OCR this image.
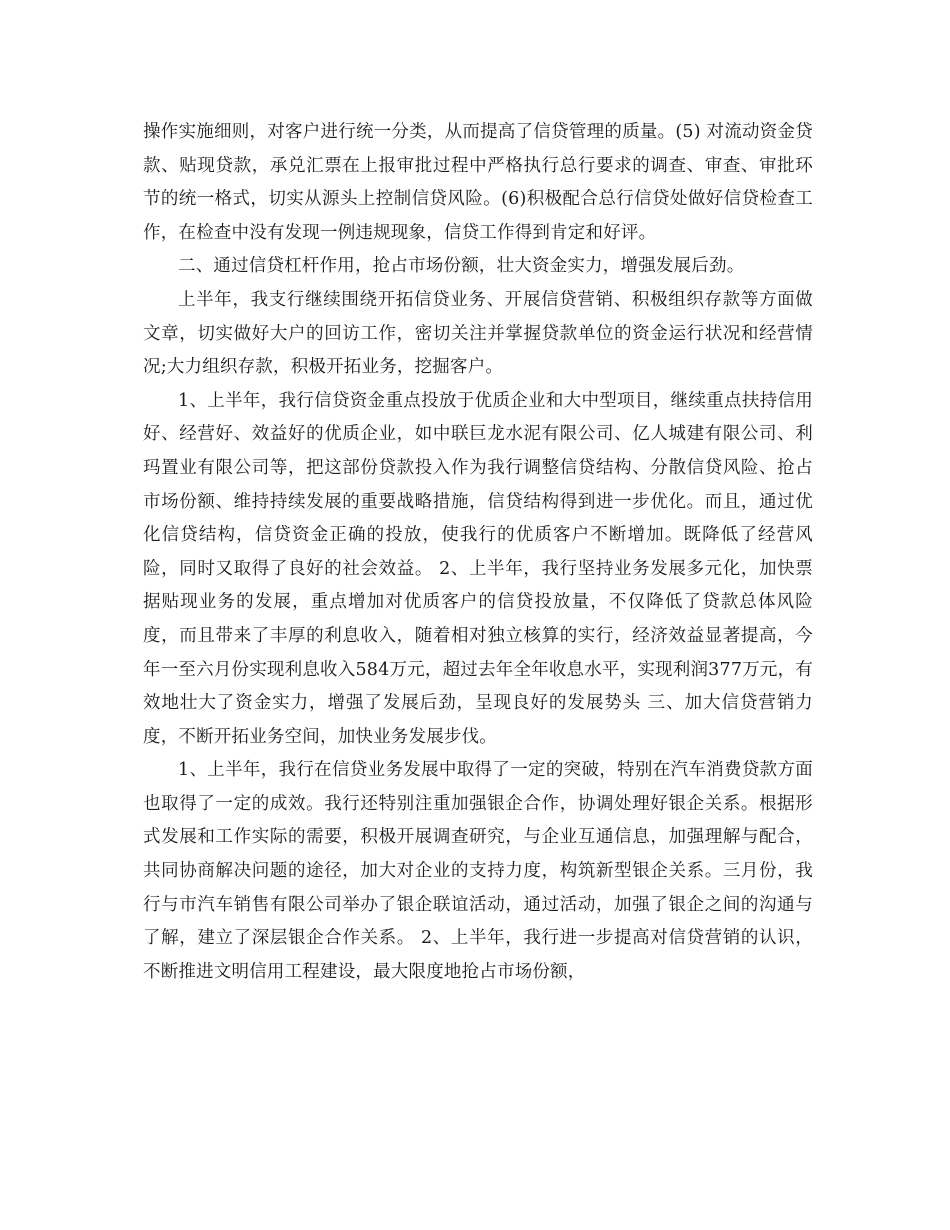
操作实施细则，对客户进行统一分类，从而提高了信贷管理的质量。(5) 对流动资金贷款、贴现贷款，承兑汇票在上报审批过程中严格执行总行要求的调查、审查、审批环节的统一格式，切实从源头上控制信贷风险。(6)积极配合总行信贷处做好信贷检查工作，在检查中没有发现一例违规现象，信贷工作得到肯定和好评。

二、通过信贷杠杆作用，抢占市场份额，壮大资金实力，增强发展后劲。

上半年，我支行继续围绕开拓信贷业务、开展信贷营销、积极组织存款等方面做文章，切实做好大户的回访工作，密切关注并掌握贷款单位的资金运行状况和经营情况;大力组织存款，积极开拓业务，挖掘客户。

1、上半年，我行信贷资金重点投放于优质企业和大中型项目，继续重点扶持信用好、经营好、效益好的优质企业，如中联巨龙水泥有限公司、亿人城建有限公司、利玛置业有限公司等，把这部份贷款投入作为我行调整信贷结构、分散信贷风险、抢占市场份额、维持持续发展的重要战略措施，信贷结构得到进一步优化。而且，通过优化信贷结构，信贷资金正确的投放，使我行的优质客户不断增加。既降低了经营风险，同时又取得了良好的社会效益。 2、上半年，我行坚持业务发展多元化，加快票据贴现业务的发展，重点增加对优质客户的信贷投放量，不仅降低了贷款总体风险度，而且带来了丰厚的利息收入，随着相对独立核算的实行，经济效益显著提高，今年一至六月份实现利息收入584万元，超过去年全年收息水平，实现利润377万元，有效地壮大了资金实力，增强了发展后劲，呈现良好的发展势头 三、加大信贷营销力度，不断开拓业务空间，加快业务发展步伐。

1、上半年，我行在信贷业务发展中取得了一定的突破，特别在汽车消费贷款方面也取得了一定的成效。我行还特别注重加强银企合作，协调处理好银企关系。根据形式发展和工作实际的需要，积极开展调查研究，与企业互通信息，加强理解与配合，共同协商解决问题的途径，加大对企业的支持力度，构筑新型银企关系。三月份，我行与市汽车销售有限公司举办了银企联谊活动，通过活动，加强了银企之间的沟通与了解，建立了深层银企合作关系。 2、上半年，我行进一步提高对信贷营销的认识，不断推进文明信用工程建设，最大限度地抢占市场份额，
